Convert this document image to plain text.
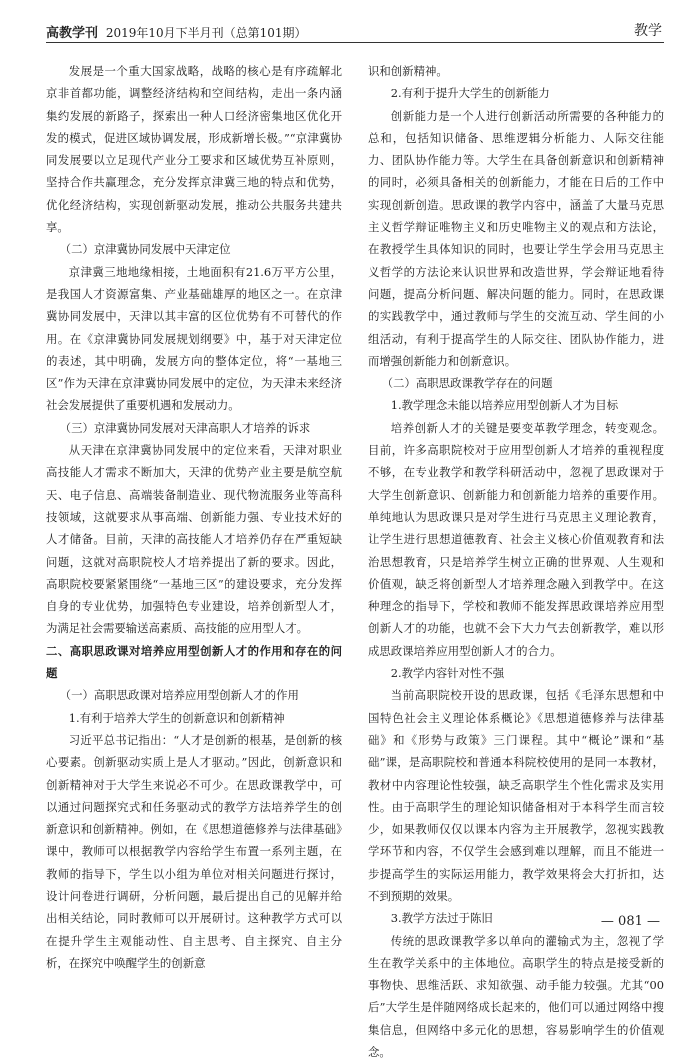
高教学刊 2019年10月下半月刊（总第101期）	教学

发展是一个重大国家战略，战略的核心是有序疏解北京非首都功能，调整经济结构和空间结构，走出一条内涵集约发展的新路子，探索出一种人口经济密集地区优化开发的模式，促进区域协调发展，形成新增长极。”“京津冀协同发展要以立足现代产业分工要求和区域优势互补原则，坚持合作共赢理念，充分发挥京津冀三地的特点和优势，优化经济结构，实现创新驱动发展，推动公共服务共建共享。

（二）京津冀协同发展中天津定位

京津冀三地地缘相接，土地面积有21.6万平方公里，是我国人才资源富集、产业基础雄厚的地区之一。在京津冀协同发展中，天津以其丰富的区位优势有不可替代的作用。在《京津冀协同发展规划纲要》中，基于对天津定位的表述，其中明确，发展方向的整体定位，将“一基地三区”作为天津在京津冀协同发展中的定位，为天津未来经济社会发展提供了重要机遇和发展动力。

（三）京津冀协同发展对天津高职人才培养的诉求

从天津在京津冀协同发展中的定位来看，天津对职业高技能人才需求不断加大，天津的优势产业主要是航空航天、电子信息、高端装备制造业、现代物流服务业等高科技领域，这就要求从事高端、创新能力强、专业技术好的人才储备。目前，天津的高技能人才培养仍存在严重短缺问题，这就对高职院校人才培养提出了新的要求。因此，高职院校要紧紧围绕“一基地三区”的建设要求，充分发挥自身的专业优势，加强特色专业建设，培养创新型人才，为满足社会需要输送高素质、高技能的应用型人才。

二、高职思政课对培养应用型创新人才的作用和存在的问题

（一）高职思政课对培养应用型创新人才的作用

1.有利于培养大学生的创新意识和创新精神

习近平总书记指出：“人才是创新的根基，是创新的核心要素。创新驱动实质上是人才驱动。”因此，创新意识和创新精神对于大学生来说必不可少。在思政课教学中，可以通过问题探究式和任务驱动式的教学方法培养学生的创新意识和创新精神。例如，在《思想道德修养与法律基础》课中，教师可以根据教学内容给学生布置一系列主题，在教师的指导下，学生以小组为单位对相关问题进行探讨，设计问卷进行调研，分析问题，最后提出自己的见解并给出相关结论，同时教师可以开展研讨。这种教学方式可以在提升学生主观能动性、自主思考、自主探究、自主分析，在探究中唤醒学生的创新意

识和创新精神。

2.有利于提升大学生的创新能力

创新能力是一个人进行创新活动所需要的各种能力的总和，包括知识储备、思维逻辑分析能力、人际交往能力、团队协作能力等。大学生在具备创新意识和创新精神的同时，必须具备相关的创新能力，才能在日后的工作中实现创新创造。思政课的教学内容中，涵盖了大量马克思主义哲学辩证唯物主义和历史唯物主义的观点和方法论，在教授学生具体知识的同时，也要让学生学会用马克思主义哲学的方法论来认识世界和改造世界，学会辩证地看待问题，提高分析问题、解决问题的能力。同时，在思政课的实践教学中，通过教师与学生的交流互动、学生间的小组活动，有利于提高学生的人际交往、团队协作能力，进而增强创新能力和创新意识。

（二）高职思政课教学存在的问题

1.教学理念未能以培养应用型创新人才为目标

培养创新人才的关键是要变革教学理念，转变观念。目前，许多高职院校对于应用型创新人才培养的重视程度不够，在专业教学和教学科研活动中，忽视了思政课对于大学生创新意识、创新能力和创新能力培养的重要作用。单纯地认为思政课只是对学生进行马克思主义理论教育，让学生进行思想道德教育、社会主义核心价值观教育和法治思想教育，只是培养学生树立正确的世界观、人生观和价值观，缺乏将创新型人才培养理念融入到教学中。在这种理念的指导下，学校和教师不能发挥思政课培养应用型创新人才的功能，也就不会下大力气去创新教学，难以形成思政课培养应用型创新人才的合力。

2.教学内容针对性不强

当前高职院校开设的思政课，包括《毛泽东思想和中国特色社会主义理论体系概论》《思想道德修养与法律基础》和《形势与政策》三门课程。其中“概论”课和“基础”课，是高职院校和普通本科院校使用的是同一本教材，教材中内容理论性较强，缺乏高职学生个性化需求及实用性。由于高职学生的理论知识储备相对于本科学生而言较少，如果教师仅仅以课本内容为主开展教学，忽视实践教学环节和内容，不仅学生会感到难以理解，而且不能进一步提高学生的实际运用能力，教学效果将会大打折扣，达不到预期的效果。

3.教学方法过于陈旧

传统的思政课教学多以单向的灌输式为主，忽视了学生在教学关系中的主体地位。高职学生的特点是接受新的事物快、思维活跃、求知欲强、动手能力较强。尤其“00后”大学生是伴随网络成长起来的，他们可以通过网络中搜集信息，但网络中多元化的思想，容易影响学生的价值观念。

— 081 —
